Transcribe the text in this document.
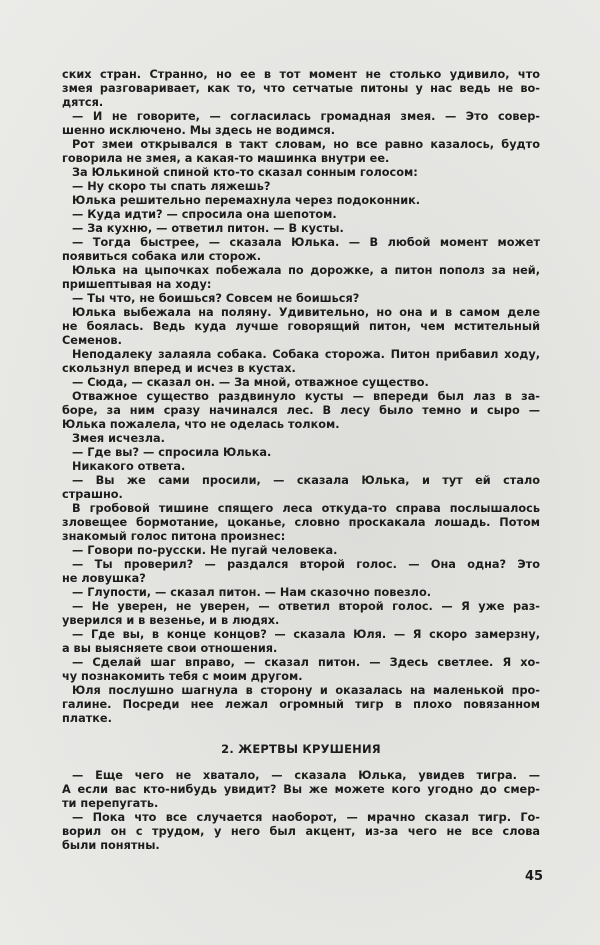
ских стран. Странно, но ее в тот момент не столько удивило, что
змея разговаривает, как то, что сетчатые питоны у нас ведь не во-
дятся.
— И не говорите, — согласилась громадная змея. — Это совер-
шенно исключено. Мы здесь не водимся.
Рот змеи открывался в такт словам, но все равно казалось, будто
говорила не змея, а какая-то машинка внутри ее.
За Юлькиной спиной кто-то сказал сонным голосом:
— Ну скоро ты спать ляжешь?
Юлька решительно перемахнула через подоконник.
— Куда идти? — спросила она шепотом.
— За кухню, — ответил питон. — В кусты.
— Тогда быстрее, — сказала Юлька. — В любой момент может
появиться собака или сторож.
Юлька на цыпочках побежала по дорожке, а питон пополз за ней,
пришептывая на ходу:
— Ты что, не боишься? Совсем не боишься?
Юлька выбежала на поляну. Удивительно, но она и в самом деле
не боялась. Ведь куда лучше говорящий питон, чем мстительный
Семенов.
Неподалеку залаяла собака. Собака сторожа. Питон прибавил ходу,
скользнул вперед и исчез в кустах.
— Сюда, — сказал он. — За мной, отважное существо.
Отважное существо раздвинуло кусты — впереди был лаз в за-
боре, за ним сразу начинался лес. В лесу было темно и сыро —
Юлька пожалела, что не оделась толком.
Змея исчезла.
— Где вы? — спросила Юлька.
Никакого ответа.
— Вы же сами просили, — сказала Юлька, и тут ей стало
страшно.
В гробовой тишине спящего леса откуда-то справа послышалось
зловещее бормотание, цоканье, словно проскакала лошадь. Потом
знакомый голос питона произнес:
— Говори по-русски. Не пугай человека.
— Ты проверил? — раздался второй голос. — Она одна? Это
не ловушка?
— Глупости, — сказал питон. — Нам сказочно повезло.
— Не уверен, не уверен, — ответил второй голос. — Я уже раз-
уверился и в везенье, и в людях.
— Где вы, в конце концов? — сказала Юля. — Я скоро замерзну,
а вы выясняете свои отношения.
— Сделай шаг вправо, — сказал питон. — Здесь светлее. Я хо-
чу познакомить тебя с моим другом.
Юля послушно шагнула в сторону и оказалась на маленькой про-
галине. Посреди нее лежал огромный тигр в плохо повязанном
платке.
2. ЖЕРТВЫ КРУШЕНИЯ
— Еще чего не хватало, — сказала Юлька, увидев тигра. —
А если вас кто-нибудь увидит? Вы же можете кого угодно до смер-
ти перепугать.
— Пока что все случается наоборот, — мрачно сказал тигр. Го-
ворил он с трудом, у него был акцент, из-за чего не все слова
были понятны.
45
